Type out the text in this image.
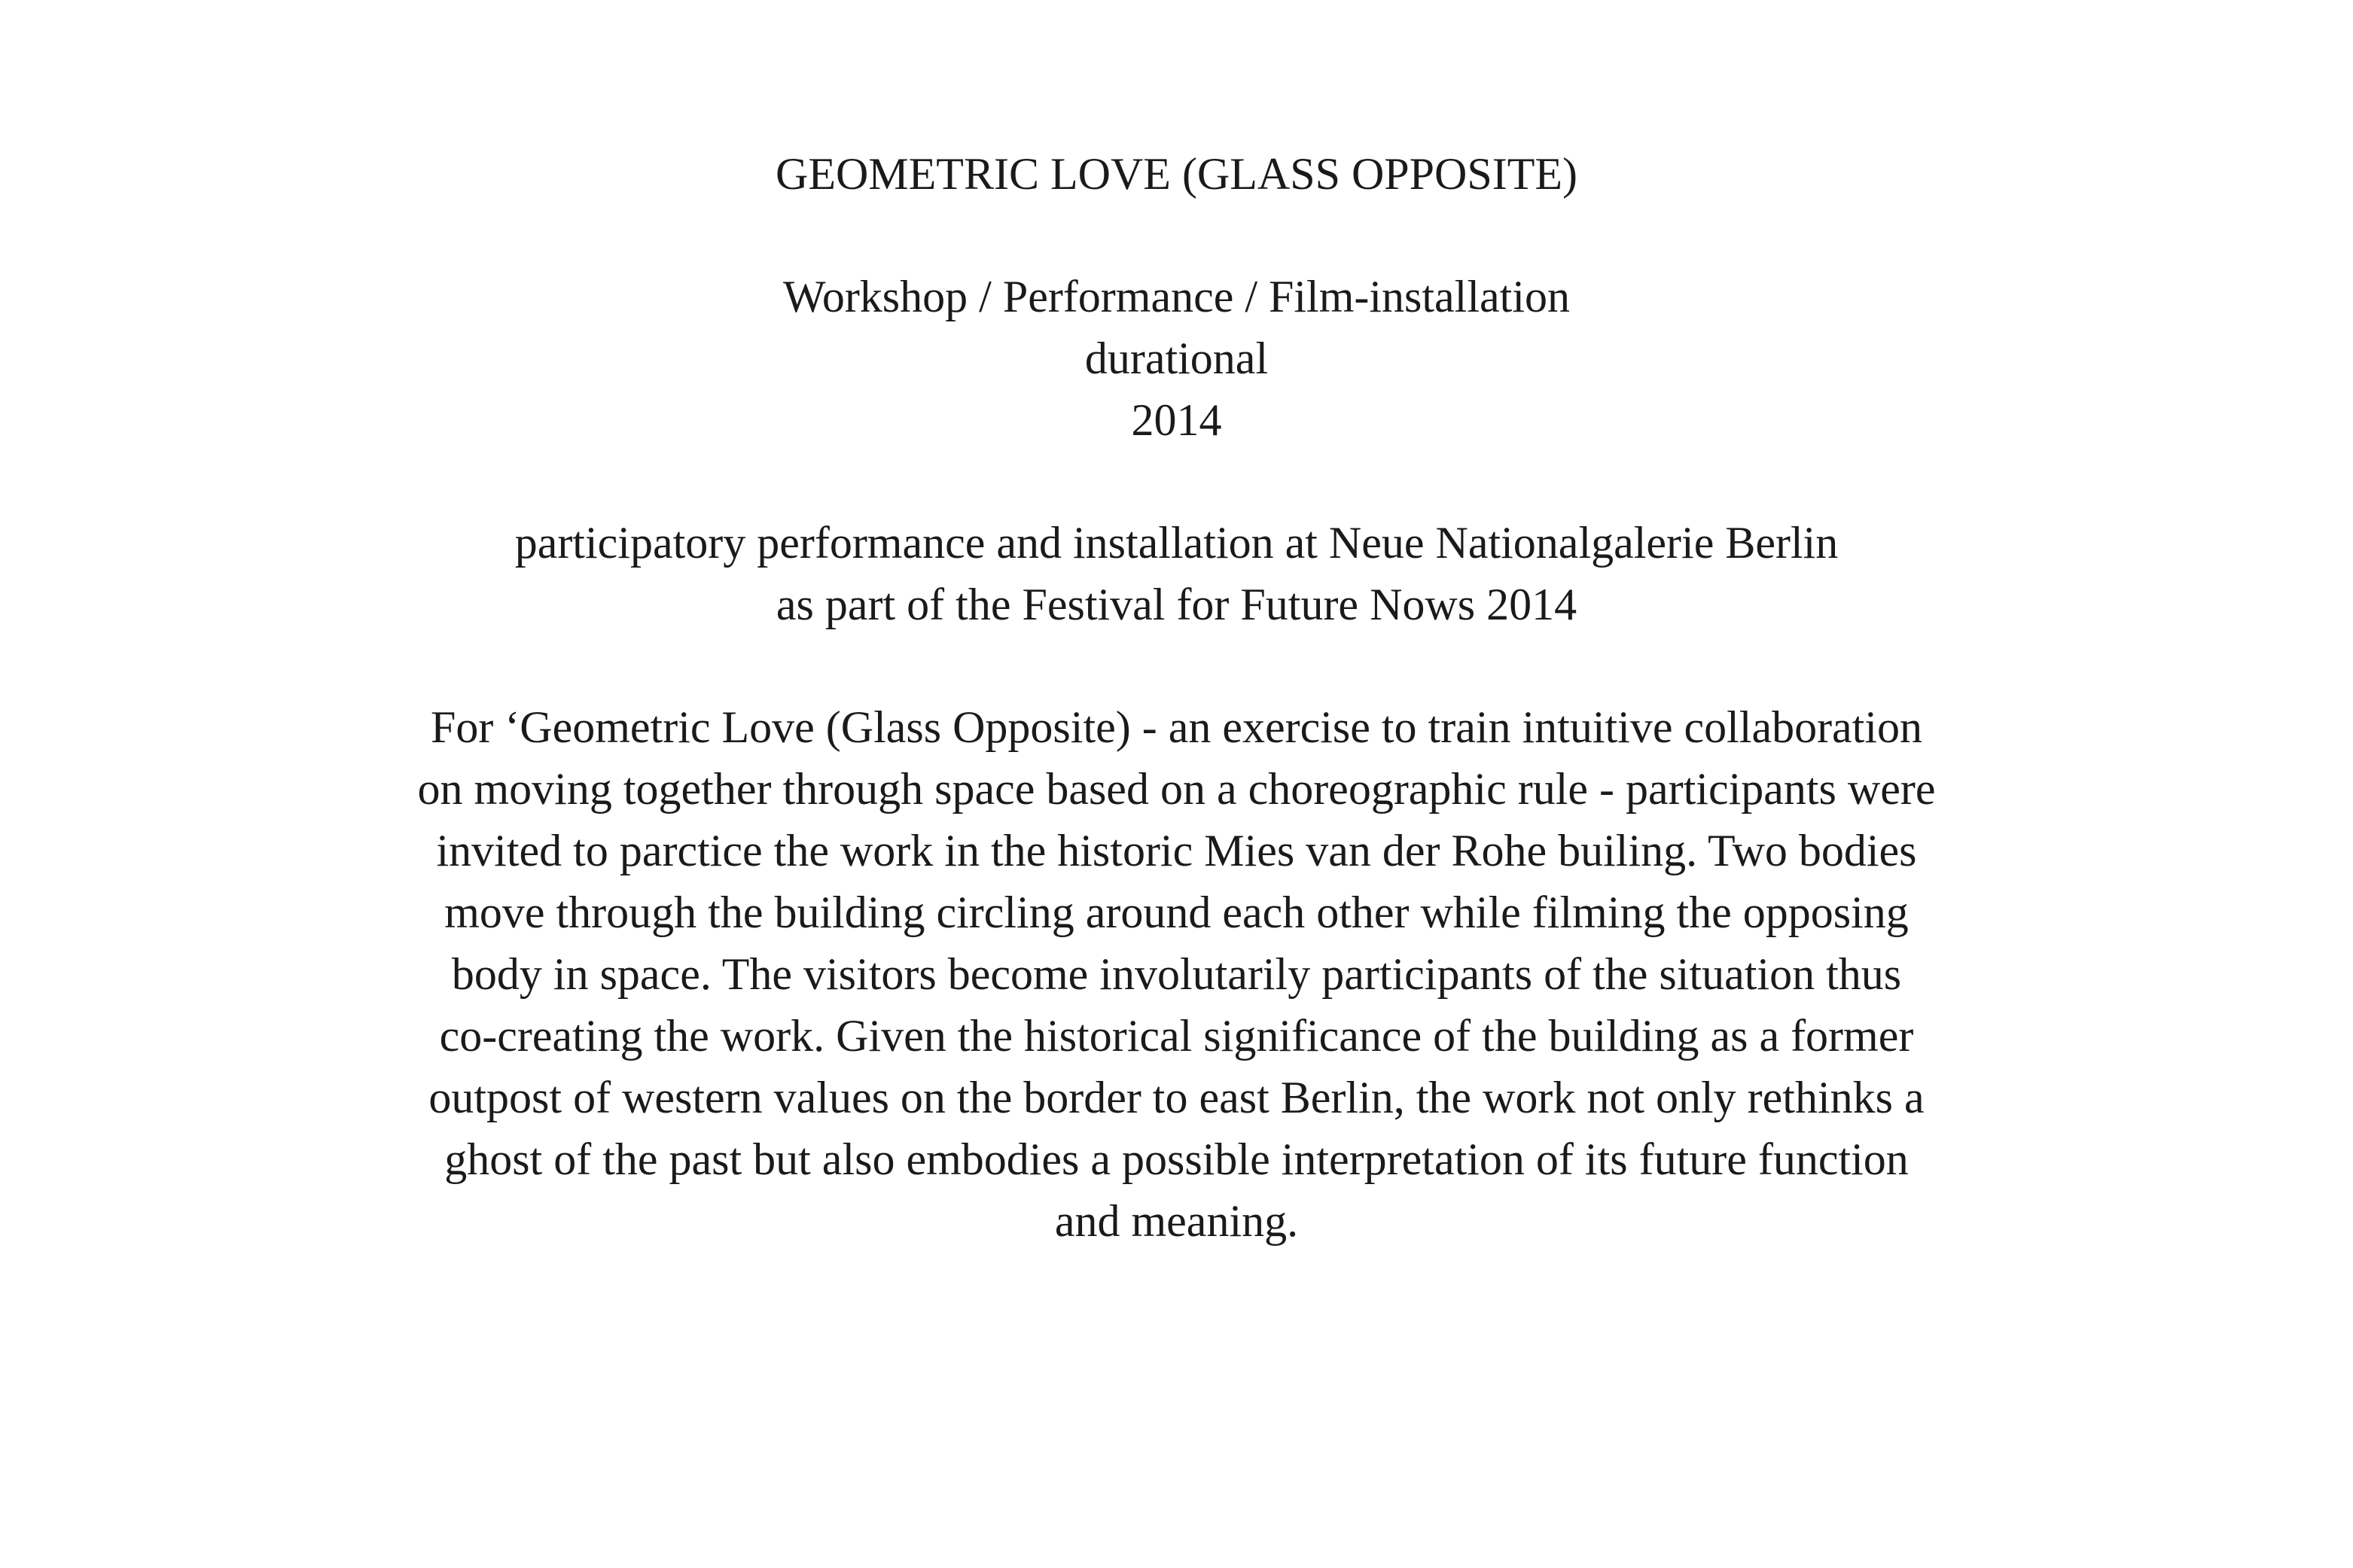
GEOMETRIC LOVE (GLASS OPPOSITE)
Workshop / Performance / Film-installation
durational
2014
participatory performance and installation at Neue Nationalgalerie Berlin
as part of the Festival for Future Nows 2014
For ‘Geometric Love (Glass Opposite) - an exercise to train intuitive collaboration
on moving together through space based on a choreographic rule - participants were
invited to parctice the work in the historic Mies van der Rohe builing. Two bodies
move through the building circling around each other while filming the opposing
body in space. The visitors become involutarily participants of the situation thus
co-creating the work. Given the historical significance of the building as a former
outpost of western values on the border to east Berlin, the work not only rethinks a
ghost of the past but also embodies a possible interpretation of its future function
and meaning.
